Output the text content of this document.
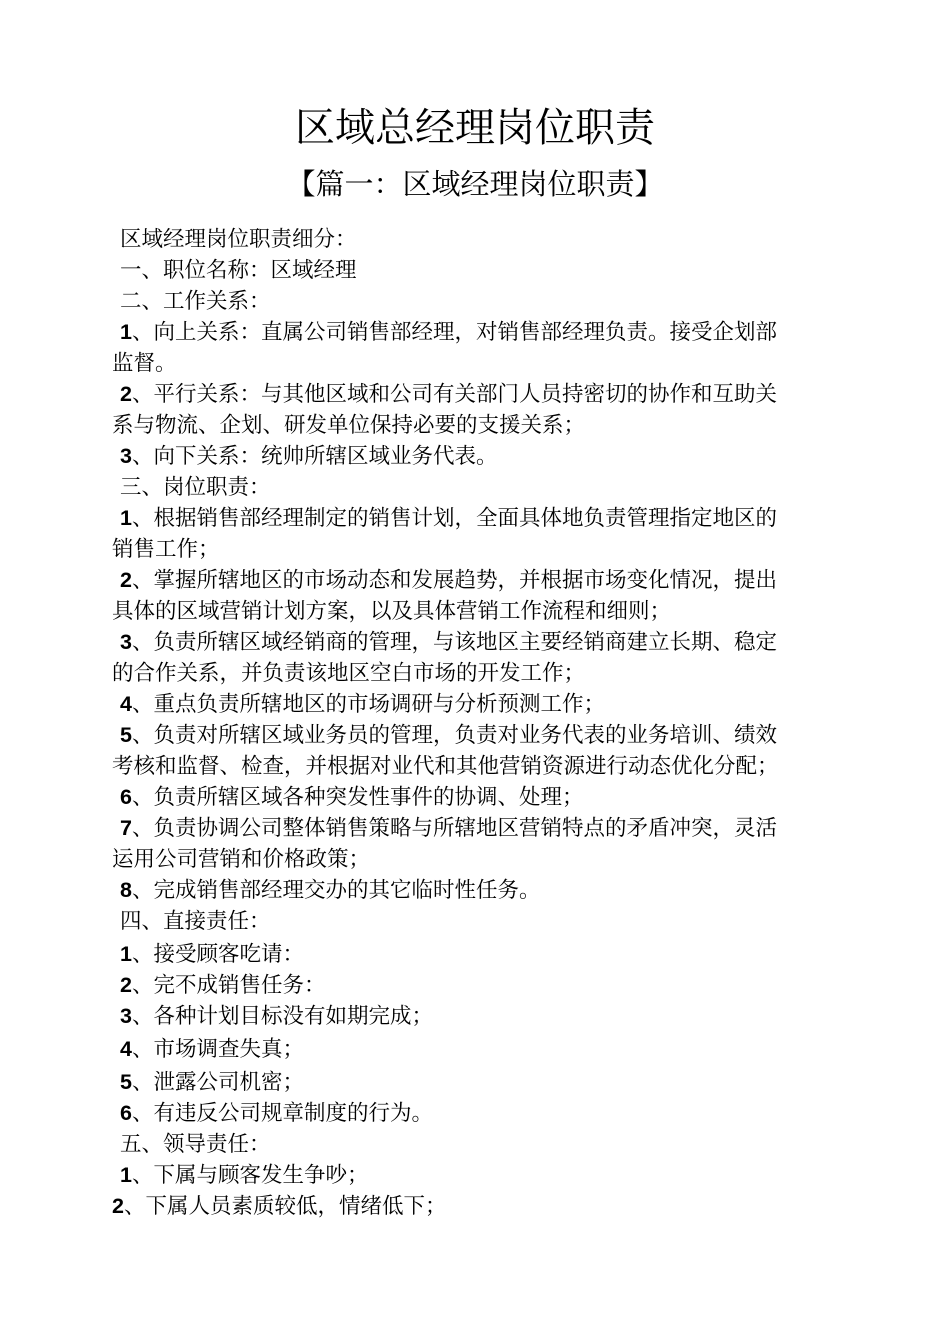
区域总经理岗位职责
【篇一：区域经理岗位职责】
区域经理岗位职责细分：
一、职位名称：区域经理
二、工作关系：
1、向上关系：直属公司销售部经理，对销售部经理负责。接受企划部
监督。
2、平行关系：与其他区域和公司有关部门人员持密切的协作和互助关
系与物流、企划、研发单位保持必要的支援关系；
3、向下关系：统帅所辖区域业务代表。
三、岗位职责：
1、根据销售部经理制定的销售计划，全面具体地负责管理指定地区的
销售工作；
2、掌握所辖地区的市场动态和发展趋势，并根据市场变化情况，提出
具体的区域营销计划方案，以及具体营销工作流程和细则；
3、负责所辖区域经销商的管理，与该地区主要经销商建立长期、稳定
的合作关系，并负责该地区空白市场的开发工作；
4、重点负责所辖地区的市场调研与分析预测工作；
5、负责对所辖区域业务员的管理，负责对业务代表的业务培训、绩效
考核和监督、检查，并根据对业代和其他营销资源进行动态优化分配；
6、负责所辖区域各种突发性事件的协调、处理；
7、负责协调公司整体销售策略与所辖地区营销特点的矛盾冲突，灵活
运用公司营销和价格政策；
8、完成销售部经理交办的其它临时性任务。
四、直接责任：
1、接受顾客吃请：
2、完不成销售任务：
3、各种计划目标没有如期完成；
4、市场调查失真；
5、泄露公司机密；
6、有违反公司规章制度的行为。
五、领导责任：
1、下属与顾客发生争吵；
2、下属人员素质较低，情绪低下；
